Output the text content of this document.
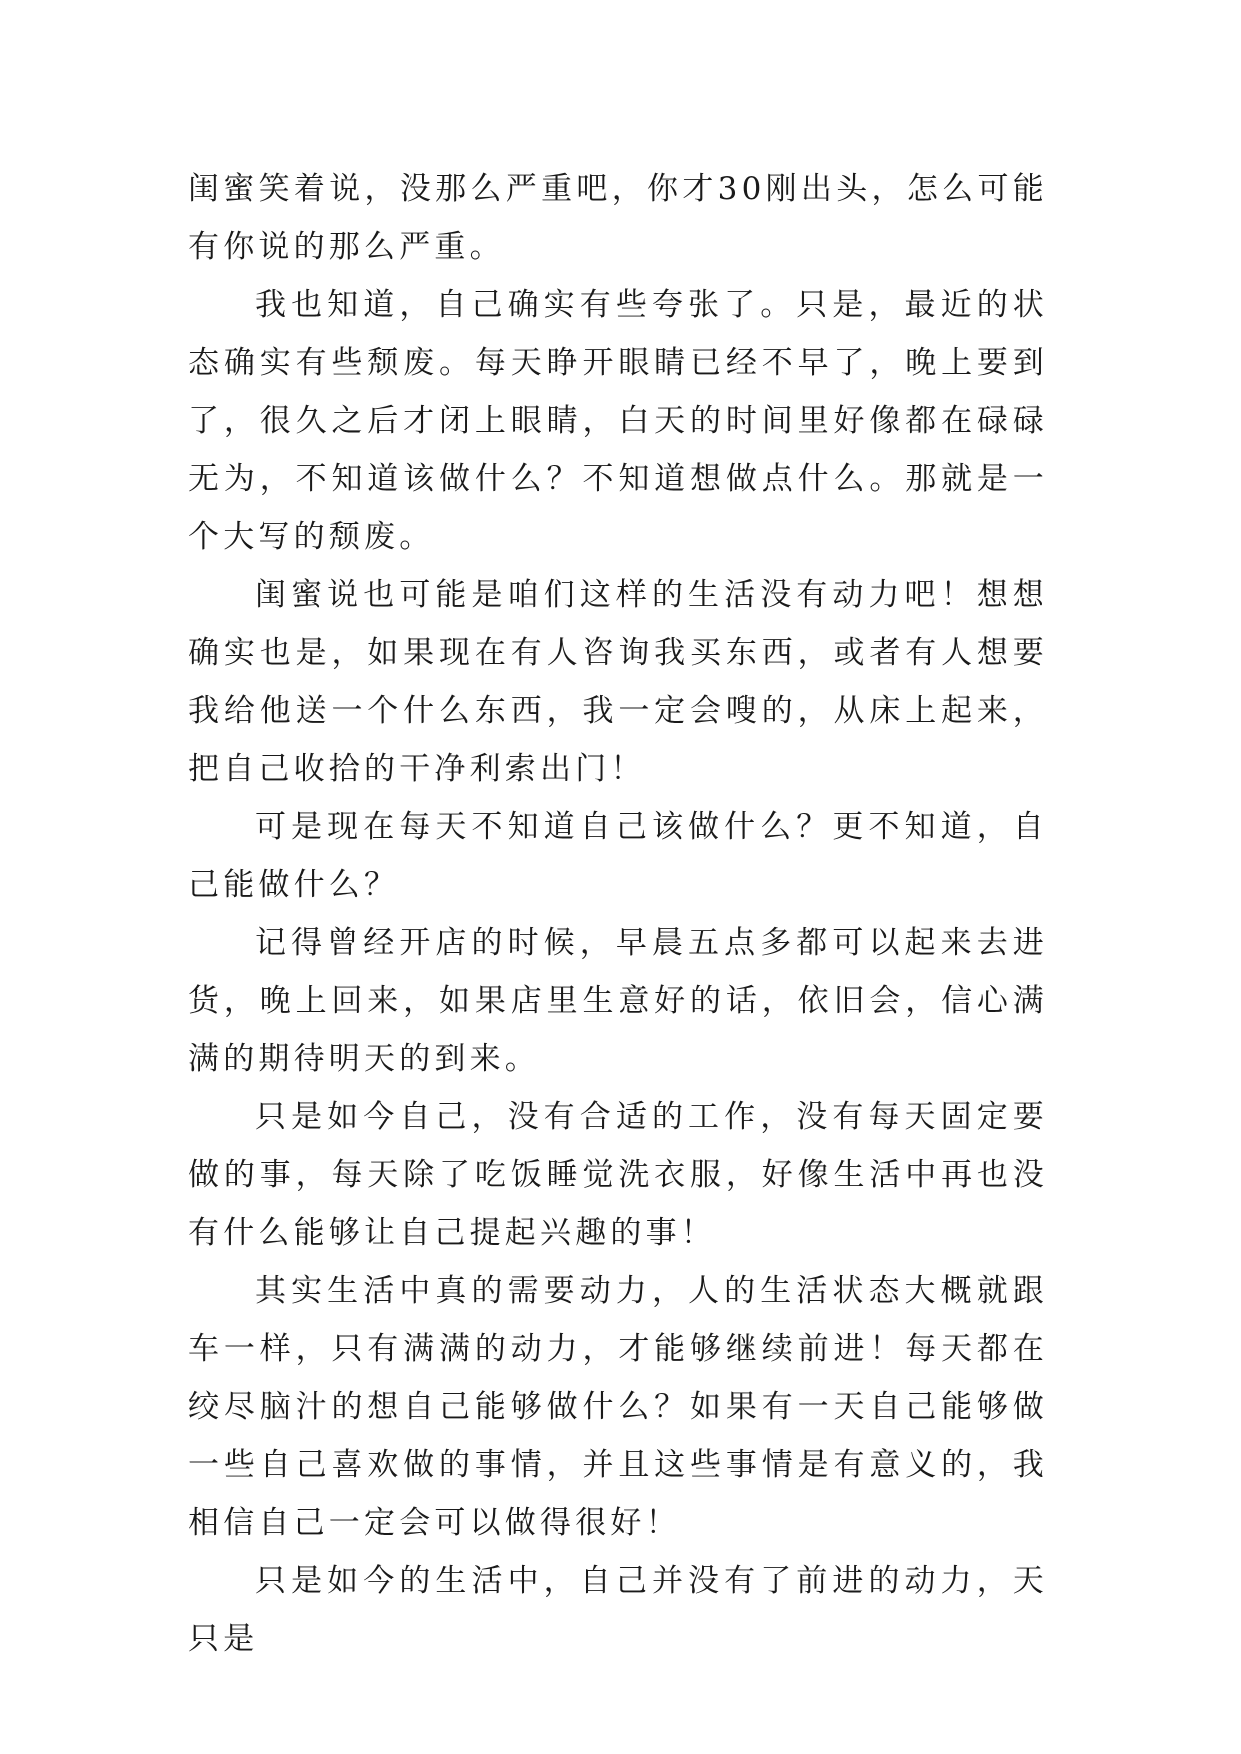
闺蜜笑着说，没那么严重吧，你才30刚出头，怎么可能有你说的那么严重。

我也知道，自己确实有些夸张了。只是，最近的状态确实有些颓废。每天睁开眼睛已经不早了，晚上要到了，很久之后才闭上眼睛，白天的时间里好像都在碌碌无为，不知道该做什么？不知道想做点什么。那就是一个大写的颓废。

闺蜜说也可能是咱们这样的生活没有动力吧！想想确实也是，如果现在有人咨询我买东西，或者有人想要我给他送一个什么东西，我一定会嗖的，从床上起来，把自己收拾的干净利索出门！

可是现在每天不知道自己该做什么？更不知道，自己能做什么？

记得曾经开店的时候，早晨五点多都可以起来去进货，晚上回来，如果店里生意好的话，依旧会，信心满满的期待明天的到来。

只是如今自己，没有合适的工作，没有每天固定要做的事，每天除了吃饭睡觉洗衣服，好像生活中再也没有什么能够让自己提起兴趣的事！

其实生活中真的需要动力，人的生活状态大概就跟车一样，只有满满的动力，才能够继续前进！每天都在绞尽脑汁的想自己能够做什么？如果有一天自己能够做一些自己喜欢做的事情，并且这些事情是有意义的，我相信自己一定会可以做得很好！

只是如今的生活中，自己并没有了前进的动力，天只是
